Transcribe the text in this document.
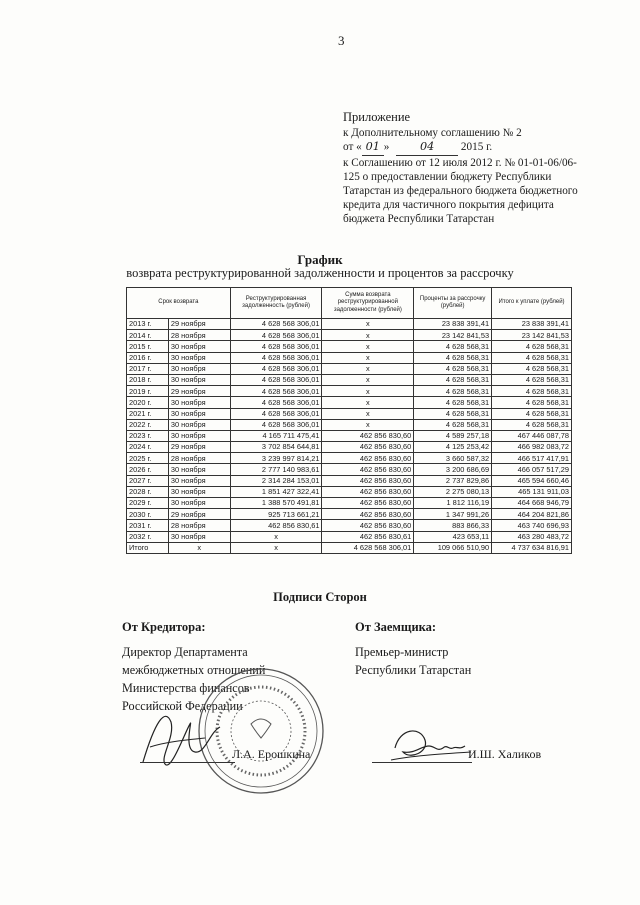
3
Приложение
к Дополнительному соглашению № 2
от « 01 »	04 2015 г.
к Соглашению от 12 июля 2012 г. № 01-01-06/06-125 о предоставлении бюджету Республики Татарстан из федерального бюджета бюджетного кредита для частичного покрытия дефицита бюджета Республики Татарстан
График
возврата реструктурированной задолженности и процентов за рассрочку
Срок возврата		Реструктурированная задолженность (рублей)	Сумма возврата реструктурированной задолженности (рублей)	Проценты за рассрочку (рублей)	Итого к уплате (рублей)
2013 г.	29 ноября	4 628 568 306,01	x	23 838 391,41	23 838 391,41
2014 г.	28 ноября	4 628 568 306,01	x	23 142 841,53	23 142 841,53
2015 г.	30 ноября	4 628 568 306,01	x	4 628 568,31	4 628 568,31
2016 г.	30 ноября	4 628 568 306,01	x	4 628 568,31	4 628 568,31
2017 г.	30 ноября	4 628 568 306,01	x	4 628 568,31	4 628 568,31
2018 г.	30 ноября	4 628 568 306,01	x	4 628 568,31	4 628 568,31
2019 г.	29 ноября	4 628 568 306,01	x	4 628 568,31	4 628 568,31
2020 г.	30 ноября	4 628 568 306,01	x	4 628 568,31	4 628 568,31
2021 г.	30 ноября	4 628 568 306,01	x	4 628 568,31	4 628 568,31
2022 г.	30 ноября	4 628 568 306,01	x	4 628 568,31	4 628 568,31
2023 г.	30 ноября	4 165 711 475,41	462 856 830,60	4 589 257,18	467 446 087,78
2024 г.	29 ноября	3 702 854 644,81	462 856 830,60	4 125 253,42	466 982 083,72
2025 г.	28 ноября	3 239 997 814,21	462 856 830,60	3 660 587,32	466 517 417,91
2026 г.	30 ноября	2 777 140 983,61	462 856 830,60	3 200 686,69	466 057 517,29
2027 г.	30 ноября	2 314 284 153,01	462 856 830,60	2 737 829,86	465 594 660,46
2028 г.	30 ноября	1 851 427 322,41	462 856 830,60	2 275 080,13	465 131 911,03
2029 г.	30 ноября	1 388 570 491,81	462 856 830,60	1 812 116,19	464 668 946,79
2030 г.	29 ноября	925 713 661,21	462 856 830,60	1 347 991,26	464 204 821,86
2031 г.	28 ноября	462 856 830,61	462 856 830,60	883 866,33	463 740 696,93
2032 г.	30 ноября	x	462 856 830,61	423 653,11	463 280 483,72
Итого	x	x	4 628 568 306,01	109 066 510,90	4 737 634 816,91
Подписи Сторон
От Кредитора:	От Заемщика:
Директор Департамента
межбюджетных отношений
Министерства финансов
Российской Федерации
Премьер-министр
Республики Татарстан
Л.А. Ерошкина	И.Ш. Халиков
